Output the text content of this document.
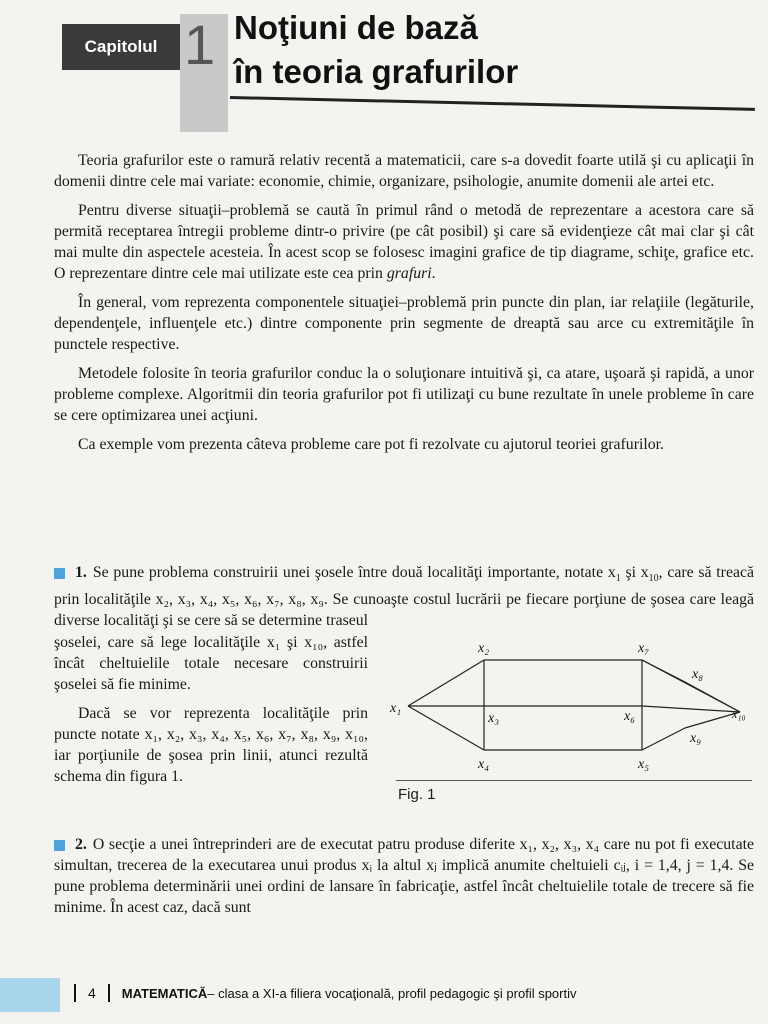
Capitolul 1 Noţiuni de bază
în teoria grafurilor

Teoria grafurilor este o ramură relativ recentă a matematicii, care s-a dovedit foarte utilă şi cu aplicaţii în domenii dintre cele mai variate: economie, chimie, organizare, psihologie, anumite domenii ale artei etc.

Pentru diverse situaţii–problemă se caută în primul rând o metodă de reprezentare a acestora care să permită receptarea întregii probleme dintr-o privire (pe cât posibil) şi care să evidenţieze cât mai clar şi cât mai multe din aspectele acesteia. În acest scop se folosesc imagini grafice de tip diagrame, schiţe, grafice etc. O reprezentare dintre cele mai utilizate este cea prin grafuri.

În general, vom reprezenta componentele situaţiei–problemă prin puncte din plan, iar relaţiile (legăturile, dependenţele, influenţele etc.) dintre componente prin segmente de dreaptă sau arce cu extremităţile în punctele respective.

Metodele folosite în teoria grafurilor conduc la o soluţionare intuitivă şi, ca atare, uşoară şi rapidă, a unor probleme complexe. Algoritmii din teoria grafurilor pot fi utilizaţi cu bune rezultate în unele probleme în care se cere optimizarea unei acţiuni.

Ca exemple vom prezenta câteva probleme care pot fi rezolvate cu ajutorul teoriei grafurilor.

1. Se pune problema construirii unei şosele între două localităţi importante, notate $x_1$ şi $x_{10}$, care să treacă prin localităţile x₂, x₃, x₄, x₅, x₆, x₇, x₈, x₉. Se cunoaşte costul lucrării pe fiecare porţiune de şosea care leagă diverse localităţi şi se cere să se determine traseul

şoselei, care să lege localităţile x₁ şi x₁₀, astfel încât cheltuielile totale necesare construirii şoselei să fie minime.

Dacă se vor reprezenta localităţile prin puncte notate x₁, x₂, x₃, x₄, x₅, x₆, x₇, x₈, x₉, x₁₀, iar porţiunile de şosea prin linii, atunci rezultă schema din figura 1.

x₁
x₂
x₃
x₄	x₅
x₆
x₇
x₈
x₉
x₁₀
Fig. 1
2. O secţie a unei întreprinderi are de executat patru produse diferite x₁, x₂, x₃, x₄ care nu pot fi executate simultan, trecerea de la executarea unui produs xᵢ la altul xⱼ implică anumite cheltuieli cᵢⱼ, i = 1,4, j = 1,4. Se pune problema determinării unei ordini de lansare în fabricaţie, astfel încât cheltuielile totale de trecere să fie minime. În acest caz, dacă sunt
4 MATEMATICĂ – clasa a XI-a filiera vocaţională, profil pedagogic şi profil sportiv
